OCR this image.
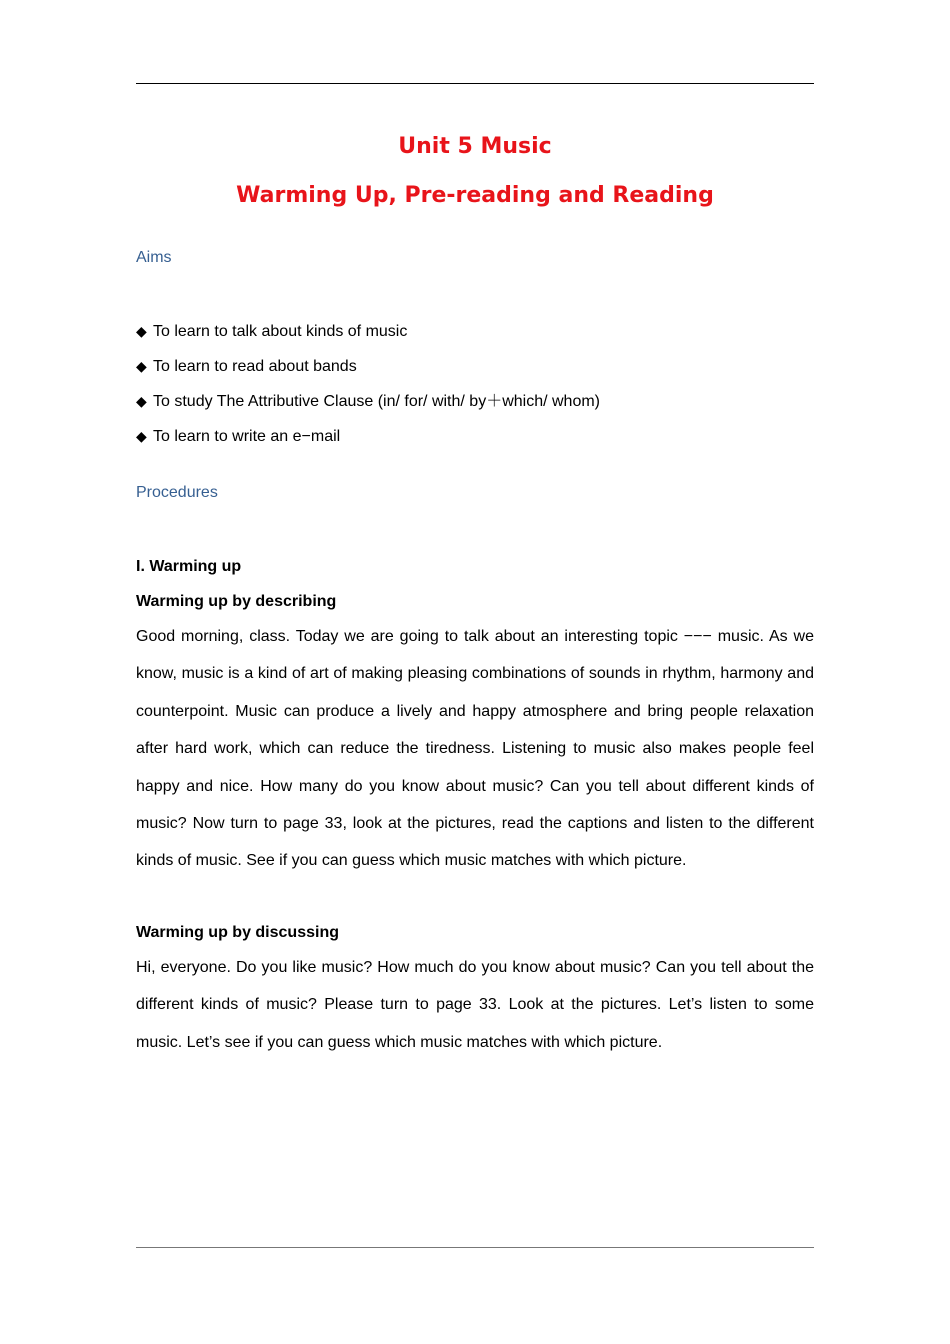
Unit 5 Music
Warming Up, Pre-reading and Reading
Aims
◆ To learn to talk about kinds of music
◆ To learn to read about bands
◆ To study The Attributive Clause (in/ for/ with/ by＋which/ whom)
◆ To learn to write an e−mail
Procedures

I. Warming up

Warming up by describing

Good morning, class. Today we are going to talk about an interesting topic −−− music. As we know, music is a kind of art of making pleasing combinations of sounds in rhythm, harmony and counterpoint. Music can produce a lively and happy atmosphere and bring people relaxation after hard work, which can reduce the tiredness. Listening to music also makes people feel happy and nice. How many do you know about music? Can you tell about different kinds of music? Now turn to page 33, look at the pictures, read the captions and listen to the different kinds of music. See if you can guess which music matches with which picture.

Warming up by discussing

Hi, everyone. Do you like music? How much do you know about music? Can you tell about the different kinds of music? Please turn to page 33. Look at the pictures. Let’s listen to some music. Let’s see if you can guess which music matches with which picture.
